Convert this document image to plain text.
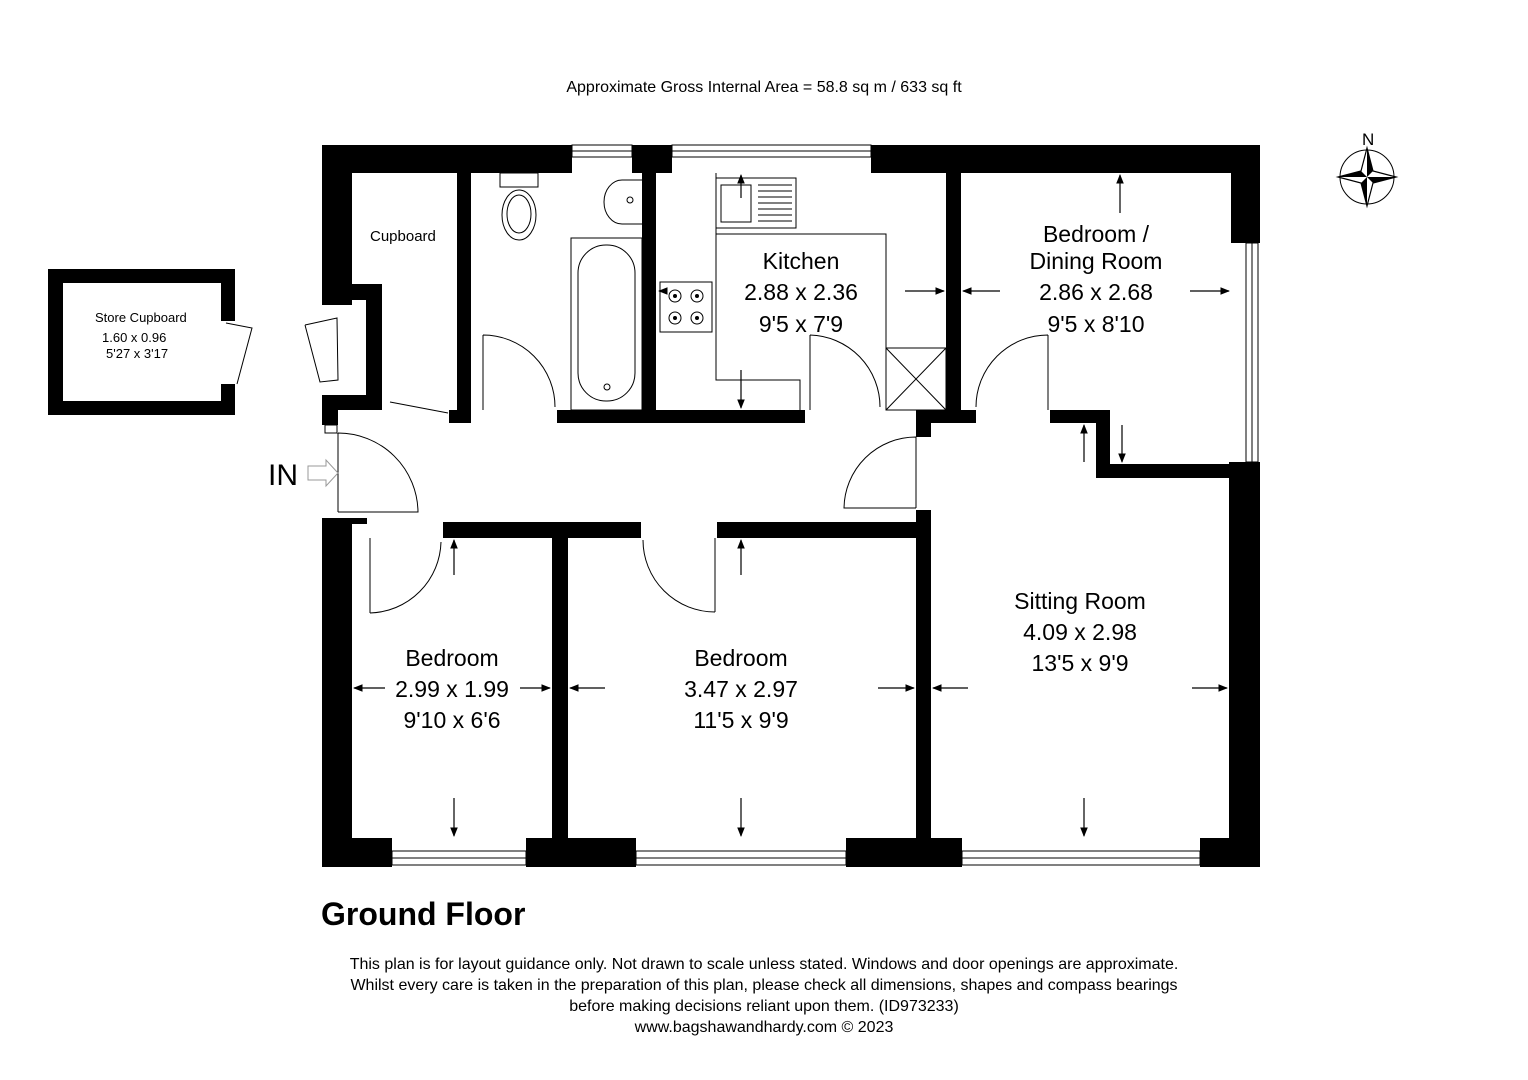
Approximate Gross Internal Area = 58.8 sq m / 633 sq ft
IN
N
Cupboard
Store Cupboard
1.60 x 0.96
5'27 x 3'17
Kitchen
2.88 x 2.36
9'5 x 7'9
Bedroom /
Dining Room
2.86 x 2.68
9'5 x 8'10
Bedroom
2.99 x 1.99
9'10 x 6'6
Bedroom
3.47 x 2.97
11'5 x 9'9
Sitting Room
4.09 x 2.98
13'5 x 9'9
Ground Floor
This plan is for layout guidance only. Not drawn to scale unless stated. Windows and door openings are approximate.
Whilst every care is taken in the preparation of this plan, please check all dimensions, shapes and compass bearings
before making decisions reliant upon them. (ID973233)
www.bagshawandhardy.com © 2023
